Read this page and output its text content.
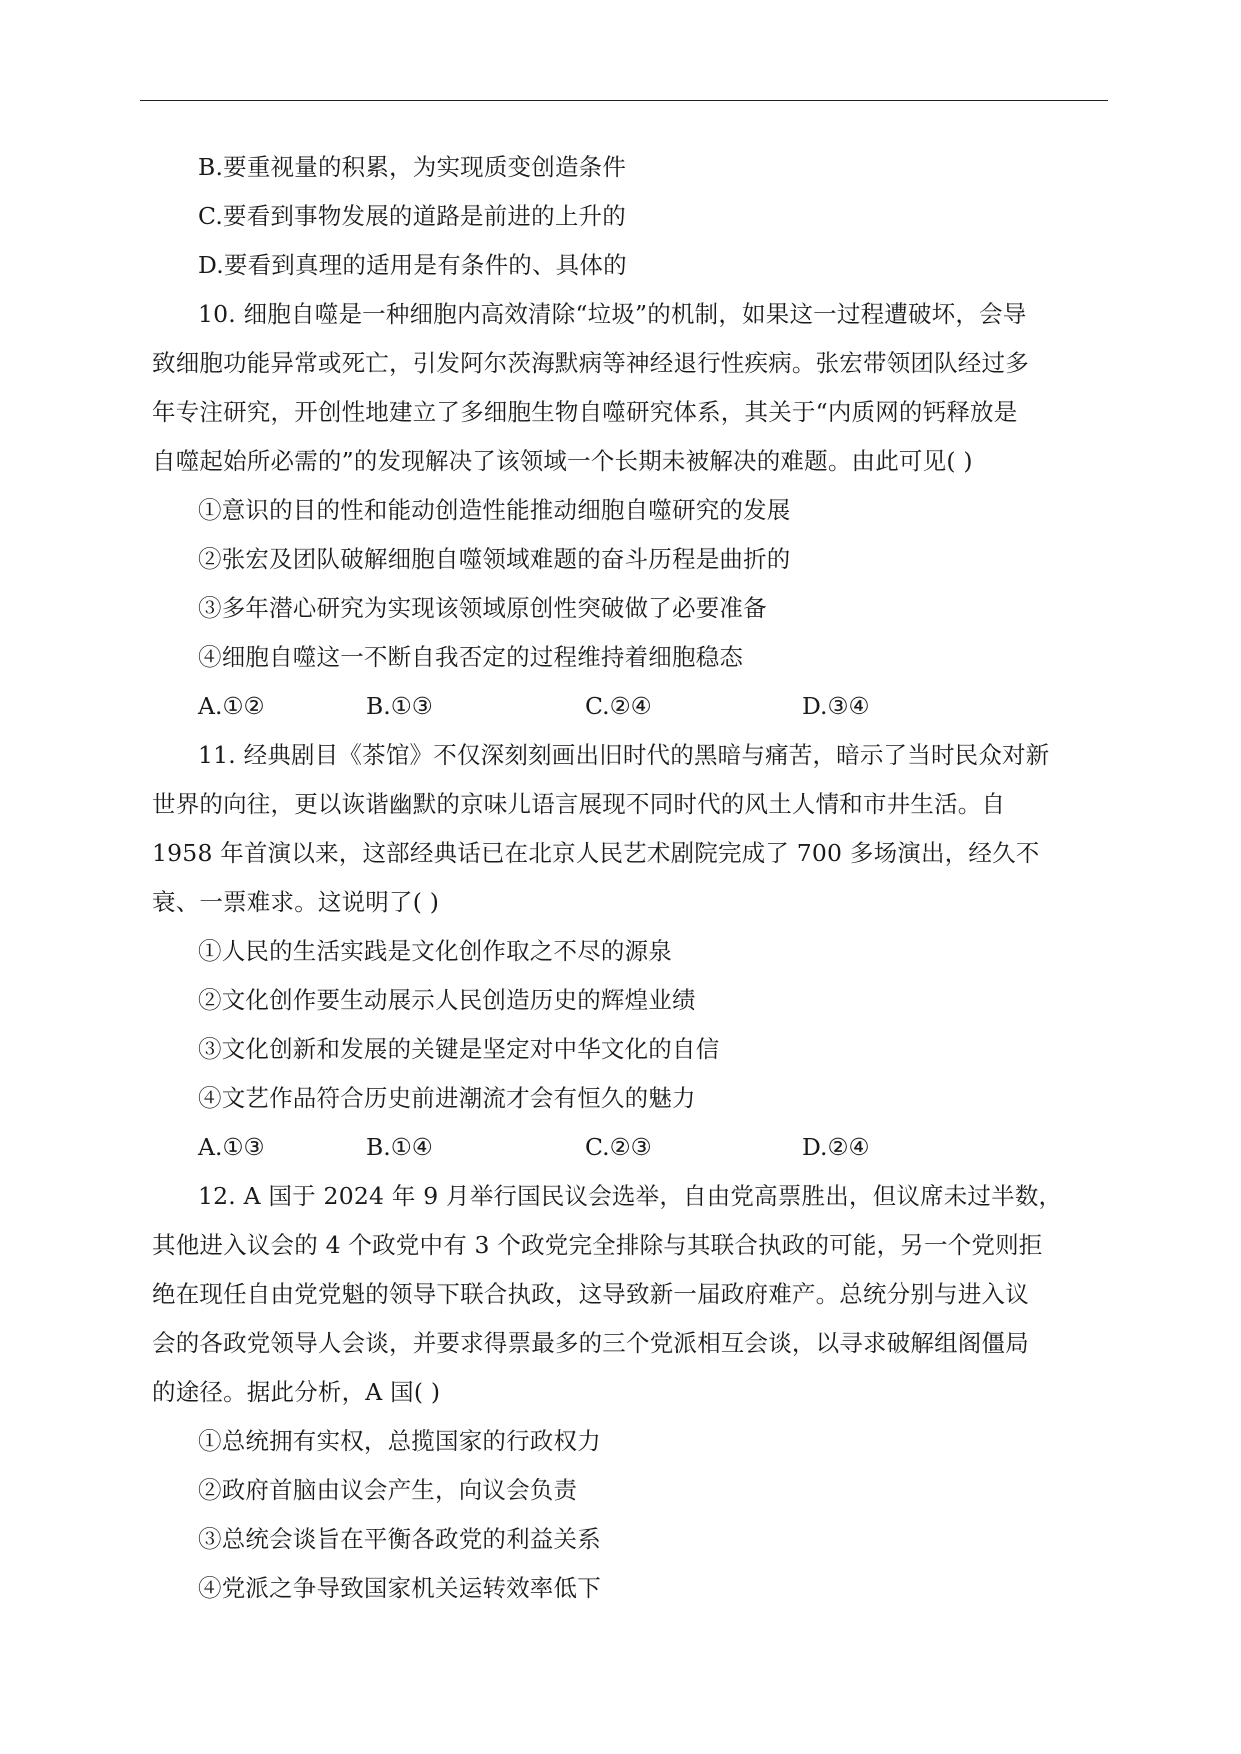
B.要重视量的积累，为实现质变创造条件
C.要看到事物发展的道路是前进的上升的
D.要看到真理的适用是有条件的、具体的
10. 细胞自噬是一种细胞内高效清除“垃圾”的机制，如果这一过程遭破坏，会导
致细胞功能异常或死亡，引发阿尔茨海默病等神经退行性疾病。张宏带领团队经过多
年专注研究，开创性地建立了多细胞生物自噬研究体系，其关于“内质网的钙释放是
自噬起始所必需的”的发现解决了该领域一个长期未被解决的难题。由此可见( )
①意识的目的性和能动创造性能推动细胞自噬研究的发展
②张宏及团队破解细胞自噬领域难题的奋斗历程是曲折的
③多年潜心研究为实现该领域原创性突破做了必要准备
④细胞自噬这一不断自我否定的过程维持着细胞稳态
A.①②	B.①③	C.②④	D.③④
11. 经典剧目《茶馆》不仅深刻刻画出旧时代的黑暗与痛苦，暗示了当时民众对新
世界的向往，更以诙谐幽默的京味儿语言展现不同时代的风土人情和市井生活。自
1958 年首演以来，这部经典话已在北京人民艺术剧院完成了 700 多场演出，经久不
衰、一票难求。这说明了( )
①人民的生活实践是文化创作取之不尽的源泉
②文化创作要生动展示人民创造历史的辉煌业绩
③文化创新和发展的关键是坚定对中华文化的自信
④文艺作品符合历史前进潮流才会有恒久的魅力
A.①③	B.①④	C.②③	D.②④
12. A 国于 2024 年 9 月举行国民议会选举，自由党高票胜出，但议席未过半数，
其他进入议会的 4 个政党中有 3 个政党完全排除与其联合执政的可能，另一个党则拒
绝在现任自由党党魁的领导下联合执政，这导致新一届政府难产。总统分别与进入议
会的各政党领导人会谈，并要求得票最多的三个党派相互会谈，以寻求破解组阁僵局
的途径。据此分析，A 国( )
①总统拥有实权，总揽国家的行政权力
②政府首脑由议会产生，向议会负责
③总统会谈旨在平衡各政党的利益关系
④党派之争导致国家机关运转效率低下
